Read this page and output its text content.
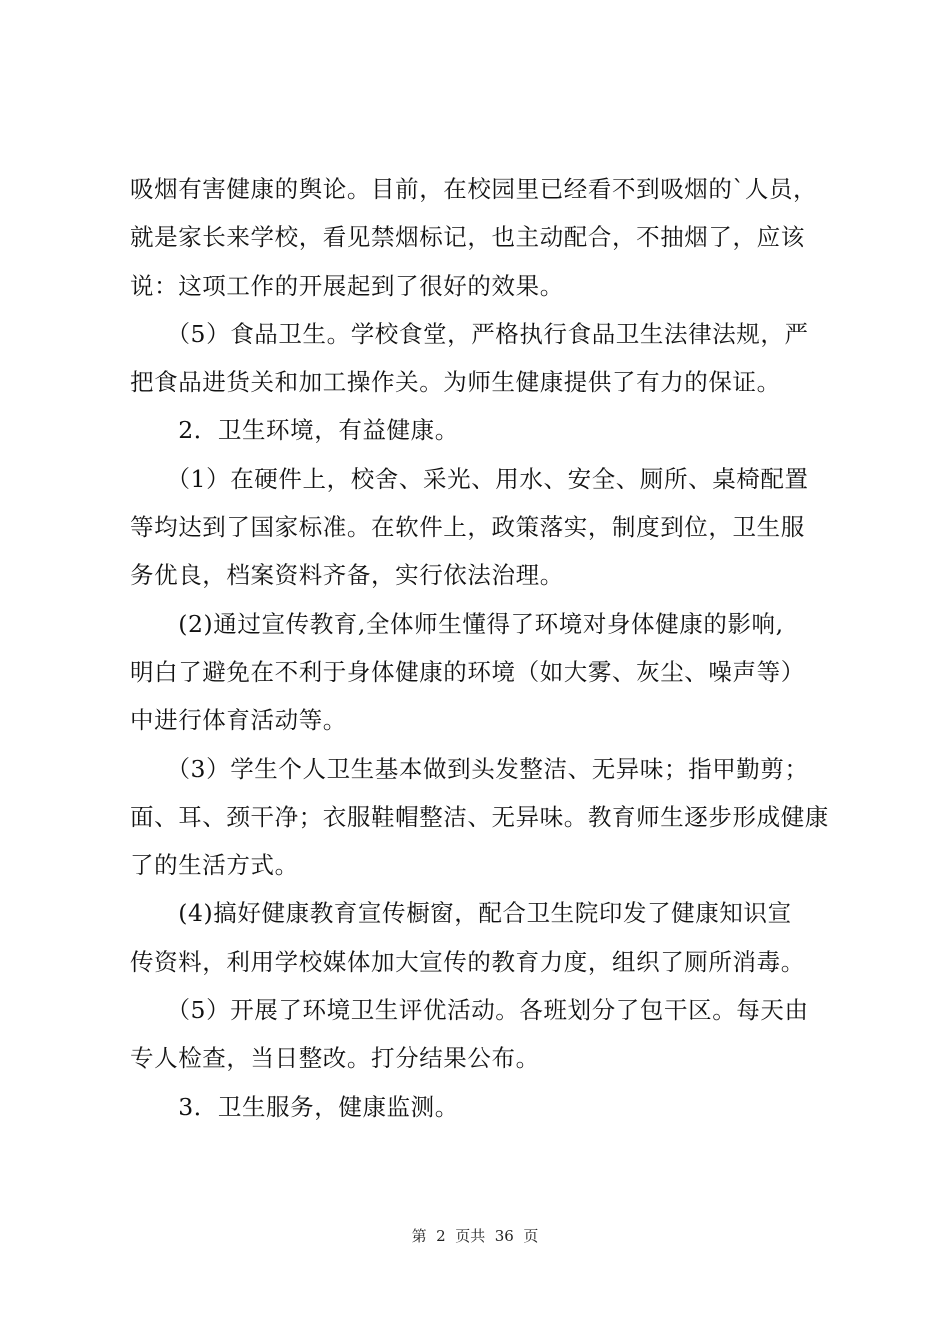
吸烟有害健康的舆论。目前，在校园里已经看不到吸烟的`人员，
就是家长来学校，看见禁烟标记，也主动配合，不抽烟了，应该
说：这项工作的开展起到了很好的效果。
　　（5）食品卫生。学校食堂，严格执行食品卫生法律法规，严
把食品进货关和加工操作关。为师生健康提供了有力的保证。
　　2．卫生环境，有益健康。
　　（1）在硬件上，校舍、采光、用水、安全、厕所、桌椅配置
等均达到了国家标准。在软件上，政策落实，制度到位，卫生服
务优良，档案资料齐备，实行依法治理。
　　(2)通过宣传教育,全体师生懂得了环境对身体健康的影响,
明白了避免在不利于身体健康的环境（如大雾、灰尘、噪声等）
中进行体育活动等。
　　（3）学生个人卫生基本做到头发整洁、无异味；指甲勤剪；
面、耳、颈干净；衣服鞋帽整洁、无异味。教育师生逐步形成健康
了的生活方式。
　　(4)搞好健康教育宣传橱窗，配合卫生院印发了健康知识宣
传资料，利用学校媒体加大宣传的教育力度，组织了厕所消毒。
　　（5）开展了环境卫生评优活动。各班划分了包干区。每天由
专人检查，当日整改。打分结果公布。
　　3．卫生服务，健康监测。
第  2  页共  36  页
